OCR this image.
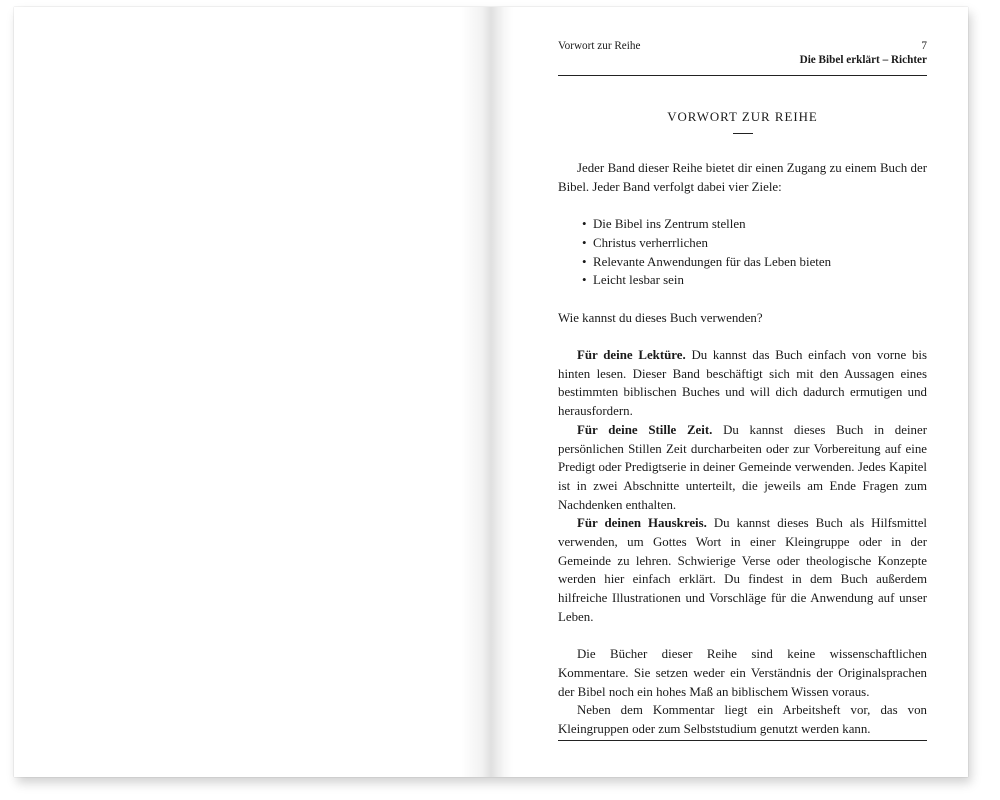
Vorwort zur Reihe	7
Die Bibel erklärt – Richter
VORWORT ZUR REIHE

Jeder Band dieser Reihe bietet dir einen Zugang zu einem Buch der Bibel. Jeder Band verfolgt dabei vier Ziele:

• Die Bibel ins Zentrum stellen
• Christus verherrlichen
• Relevante Anwendungen für das Leben bieten
• Leicht lesbar sein

Wie kannst du dieses Buch verwenden?

Für deine Lektüre. Du kannst das Buch einfach von vorne bis hinten lesen. Dieser Band beschäftigt sich mit den Aussagen eines bestimmten biblischen Buches und will dich dadurch ermutigen und herausfordern.

Für deine Stille Zeit. Du kannst dieses Buch in deiner persönlichen Stillen Zeit durcharbeiten oder zur Vorbereitung auf eine Predigt oder Predigtserie in deiner Gemeinde verwenden. Jedes Kapitel ist in zwei Abschnitte unterteilt, die jeweils am Ende Fragen zum Nachdenken enthalten.

Für deinen Hauskreis. Du kannst dieses Buch als Hilfsmittel verwenden, um Gottes Wort in einer Kleingruppe oder in der Gemeinde zu lehren. Schwierige Verse oder theologische Konzepte werden hier einfach erklärt. Du findest in dem Buch außerdem hilfreiche Illustrationen und Vorschläge für die Anwendung auf unser Leben.

Die Bücher dieser Reihe sind keine wissenschaftlichen Kommentare. Sie setzen weder ein Verständnis der Originalsprachen der Bibel noch ein hohes Maß an biblischem Wissen voraus.

Neben dem Kommentar liegt ein Arbeitsheft vor, das von Kleingruppen oder zum Selbststudium genutzt werden kann.
